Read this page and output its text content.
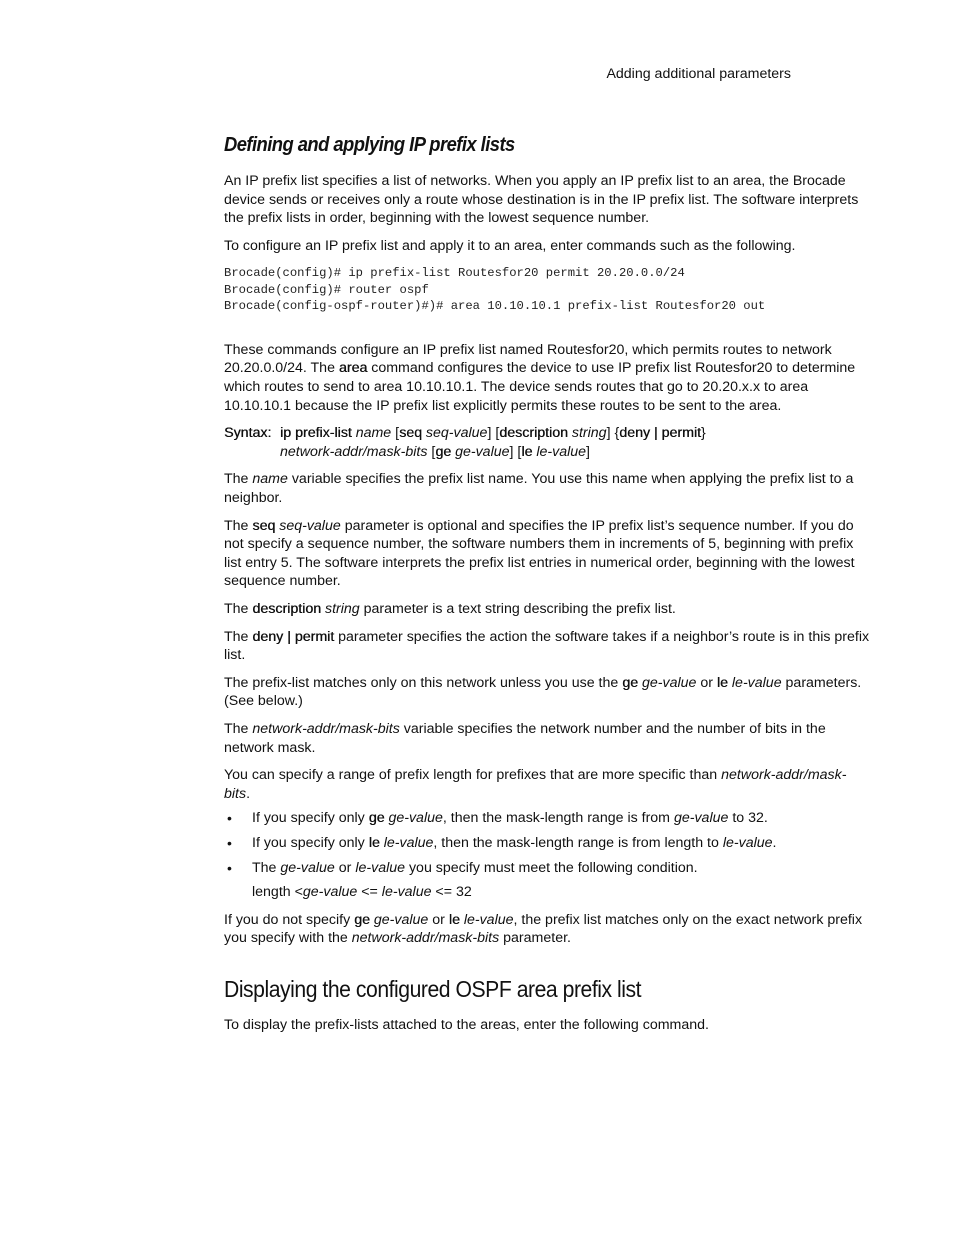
Adding additional parameters
Defining and applying IP prefix lists

An IP prefix list specifies a list of networks. When you apply an IP prefix list to an area, the Brocade device sends or receives only a route whose destination is in the IP prefix list. The software interprets the prefix lists in order, beginning with the lowest sequence number.

To configure an IP prefix list and apply it to an area, enter commands such as the following.

Brocade(config)# ip prefix-list Routesfor20 permit 20.20.0.0/24
Brocade(config)# router ospf
Brocade(config-ospf-router)#)# area 10.10.10.1 prefix-list Routesfor20 out

These commands configure an IP prefix list named Routesfor20, which permits routes to network 20.20.0.0/24. The area command configures the device to use IP prefix list Routesfor20 to determine which routes to send to area 10.10.10.1. The device sends routes that go to 20.20.x.x to area 10.10.10.1 because the IP prefix list explicitly permits these routes to be sent to the area.

Syntax: ip prefix-list name [seq seq-value] [description string] {deny | permit}
network-addr/mask-bits [ge ge-value] [le le-value]

The name variable specifies the prefix list name. You use this name when applying the prefix list to a neighbor.

The seq seq-value parameter is optional and specifies the IP prefix list’s sequence number. If you do not specify a sequence number, the software numbers them in increments of 5, beginning with prefix list entry 5. The software interprets the prefix list entries in numerical order, beginning with the lowest sequence number.

The description string parameter is a text string describing the prefix list.

The deny | permit parameter specifies the action the software takes if a neighbor’s route is in this prefix list.

The prefix-list matches only on this network unless you use the ge ge-value or le le-value parameters. (See below.)

The network-addr/mask-bits variable specifies the network number and the number of bits in the network mask.

You can specify a range of prefix length for prefixes that are more specific than network-addr/mask-bits.

• If you specify only ge ge-value, then the mask-length range is from ge-value to 32.
• If you specify only le le-value, then the mask-length range is from length to le-value.
• The ge-value or le-value you specify must meet the following condition.
length <ge-value <= le-value <= 32

If you do not specify ge ge-value or le le-value, the prefix list matches only on the exact network prefix you specify with the network-addr/mask-bits parameter.

Displaying the configured OSPF area prefix list

To display the prefix-lists attached to the areas, enter the following command.
